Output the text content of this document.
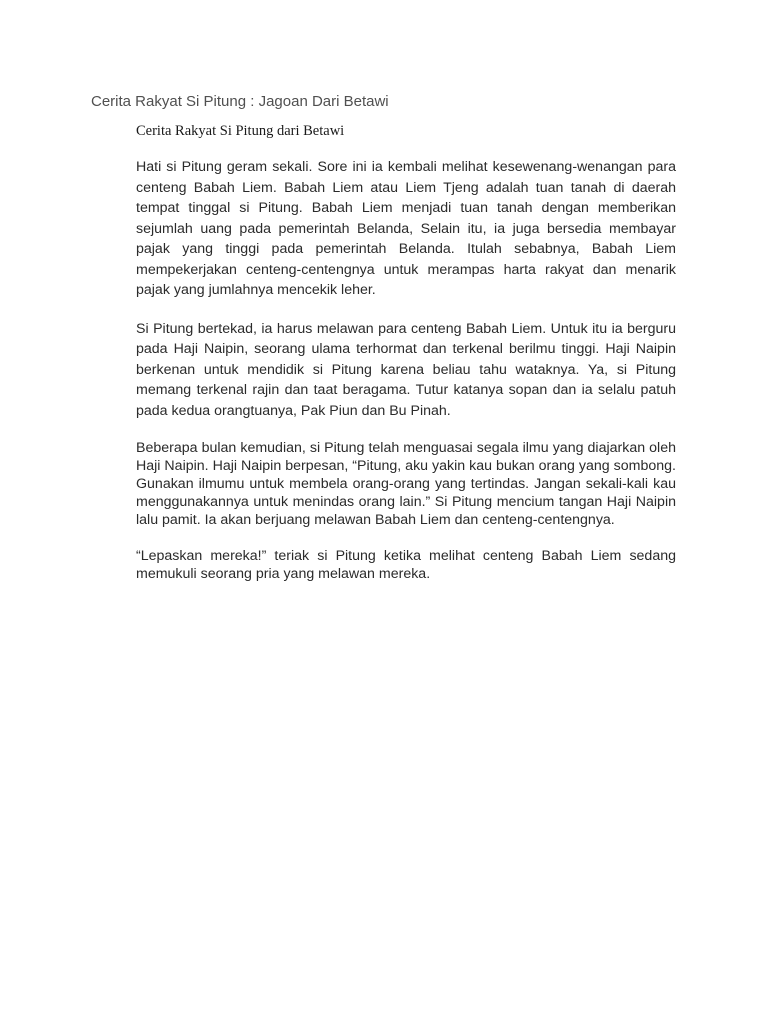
Cerita Rakyat Si Pitung : Jagoan Dari Betawi

Cerita Rakyat Si Pitung dari Betawi

Hati si Pitung geram sekali. Sore ini ia kembali melihat kesewenang-wenangan para centeng Babah Liem. Babah Liem atau Liem Tjeng adalah tuan tanah di daerah tempat tinggal si Pitung. Babah Liem menjadi tuan tanah dengan memberikan sejumlah uang pada pemerintah Belanda, Selain itu, ia juga bersedia membayar pajak yang tinggi pada pemerintah Belanda. Itulah sebabnya, Babah Liem mempekerjakan centeng-centengnya untuk merampas harta rakyat dan menarik pajak yang jumlahnya mencekik leher.

Si Pitung bertekad, ia harus melawan para centeng Babah Liem. Untuk itu ia berguru pada Haji Naipin, seorang ulama terhormat dan terkenal berilmu tinggi. Haji Naipin berkenan untuk mendidik si Pitung karena beliau tahu wataknya. Ya, si Pitung memang terkenal rajin dan taat beragama. Tutur katanya sopan dan ia selalu patuh pada kedua orangtuanya, Pak Piun dan Bu Pinah.

Beberapa bulan kemudian, si Pitung telah menguasai segala ilmu yang diajarkan oleh Haji Naipin. Haji Naipin berpesan, “Pitung, aku yakin kau bukan orang yang sombong. Gunakan ilmumu untuk membela orang-orang yang tertindas. Jangan sekali-kali kau menggunakannya untuk menindas orang lain.” Si Pitung mencium tangan Haji Naipin lalu pamit. Ia akan berjuang melawan Babah Liem dan centeng-centengnya.

“Lepaskan mereka!” teriak si Pitung ketika melihat centeng Babah Liem sedang memukuli seorang pria yang melawan mereka.
